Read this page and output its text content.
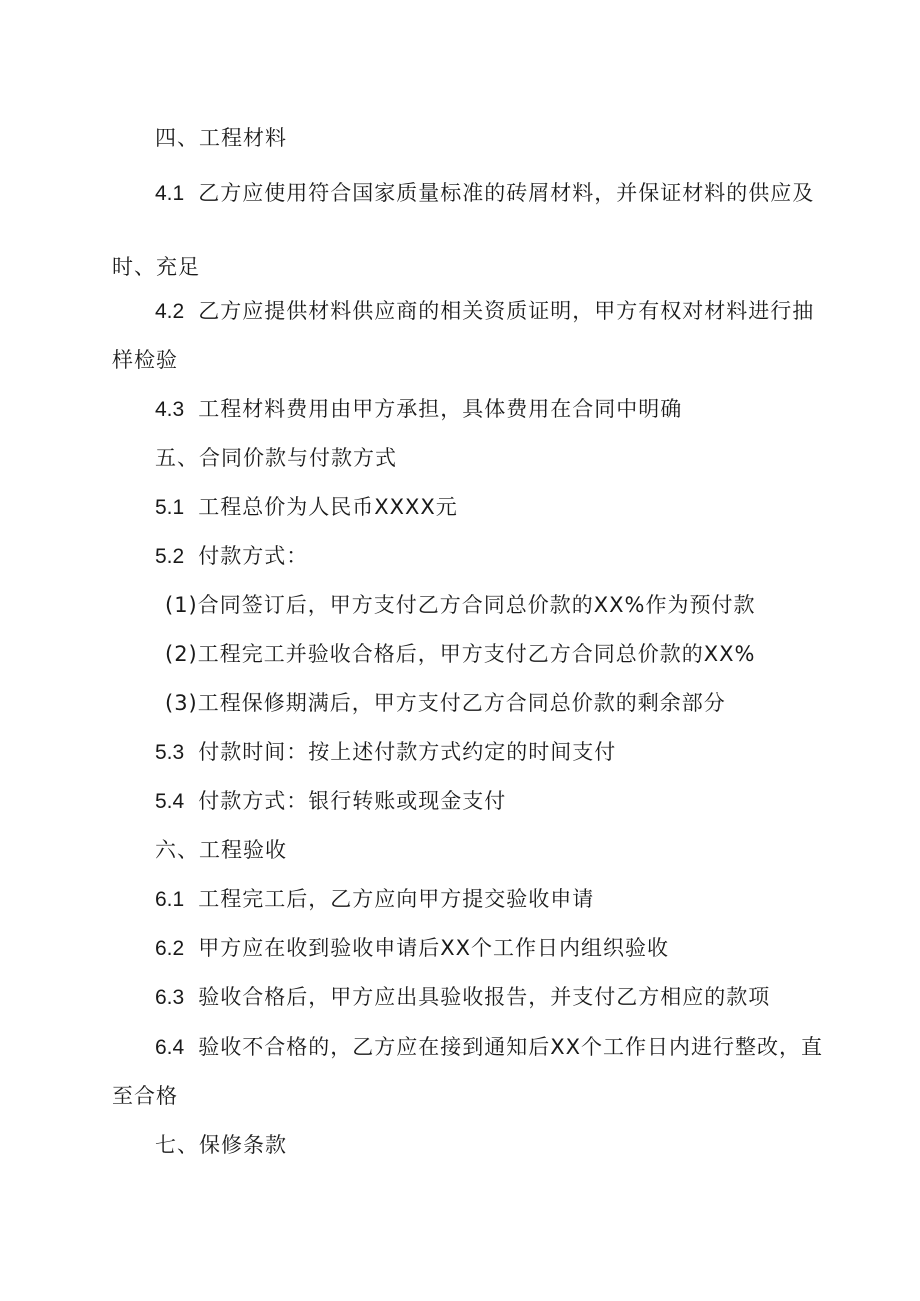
四、工程材料
4.1 乙方应使用符合国家质量标准的砖屑材料，并保证材料的供应及
时、充足
4.2 乙方应提供材料供应商的相关资质证明，甲方有权对材料进行抽
样检验
4.3 工程材料费用由甲方承担，具体费用在合同中明确
五、合同价款与付款方式
5.1 工程总价为人民币XXXX元
5.2 付款方式：
(1)合同签订后，甲方支付乙方合同总价款的XX%作为预付款
(2)工程完工并验收合格后，甲方支付乙方合同总价款的XX%
(3)工程保修期满后，甲方支付乙方合同总价款的剩余部分
5.3 付款时间：按上述付款方式约定的时间支付
5.4 付款方式：银行转账或现金支付
六、工程验收
6.1 工程完工后，乙方应向甲方提交验收申请
6.2 甲方应在收到验收申请后XX个工作日内组织验收
6.3 验收合格后，甲方应出具验收报告，并支付乙方相应的款项
6.4 验收不合格的，乙方应在接到通知后XX个工作日内进行整改，直
至合格
七、保修条款
